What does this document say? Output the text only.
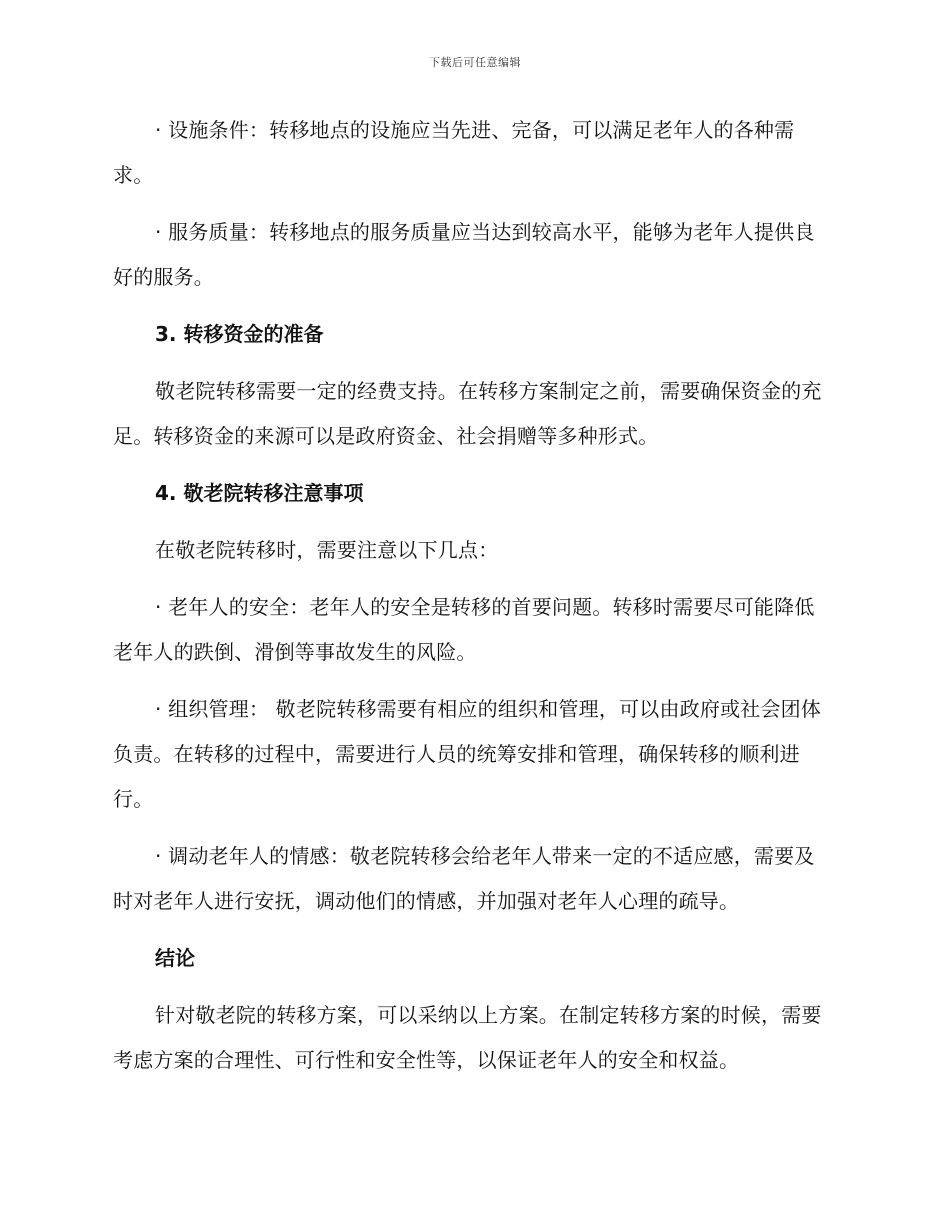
下载后可任意编辑

· 设施条件：转移地点的设施应当先进、完备，可以满足老年人的各种需求。

· 服务质量：转移地点的服务质量应当达到较高水平，能够为老年人提供良好的服务。

3. 转移资金的准备

敬老院转移需要一定的经费支持。在转移方案制定之前，需要确保资金的充足。转移资金的来源可以是政府资金、社会捐赠等多种形式。

4. 敬老院转移注意事项

在敬老院转移时，需要注意以下几点：

· 老年人的安全：老年人的安全是转移的首要问题。转移时需要尽可能降低老年人的跌倒、滑倒等事故发生的风险。

· 组织管理： 敬老院转移需要有相应的组织和管理，可以由政府或社会团体负责。在转移的过程中，需要进行人员的统筹安排和管理，确保转移的顺利进行。

· 调动老年人的情感：敬老院转移会给老年人带来一定的不适应感，需要及时对老年人进行安抚，调动他们的情感，并加强对老年人心理的疏导。

结论

针对敬老院的转移方案，可以采纳以上方案。在制定转移方案的时候，需要考虑方案的合理性、可行性和安全性等，以保证老年人的安全和权益。
